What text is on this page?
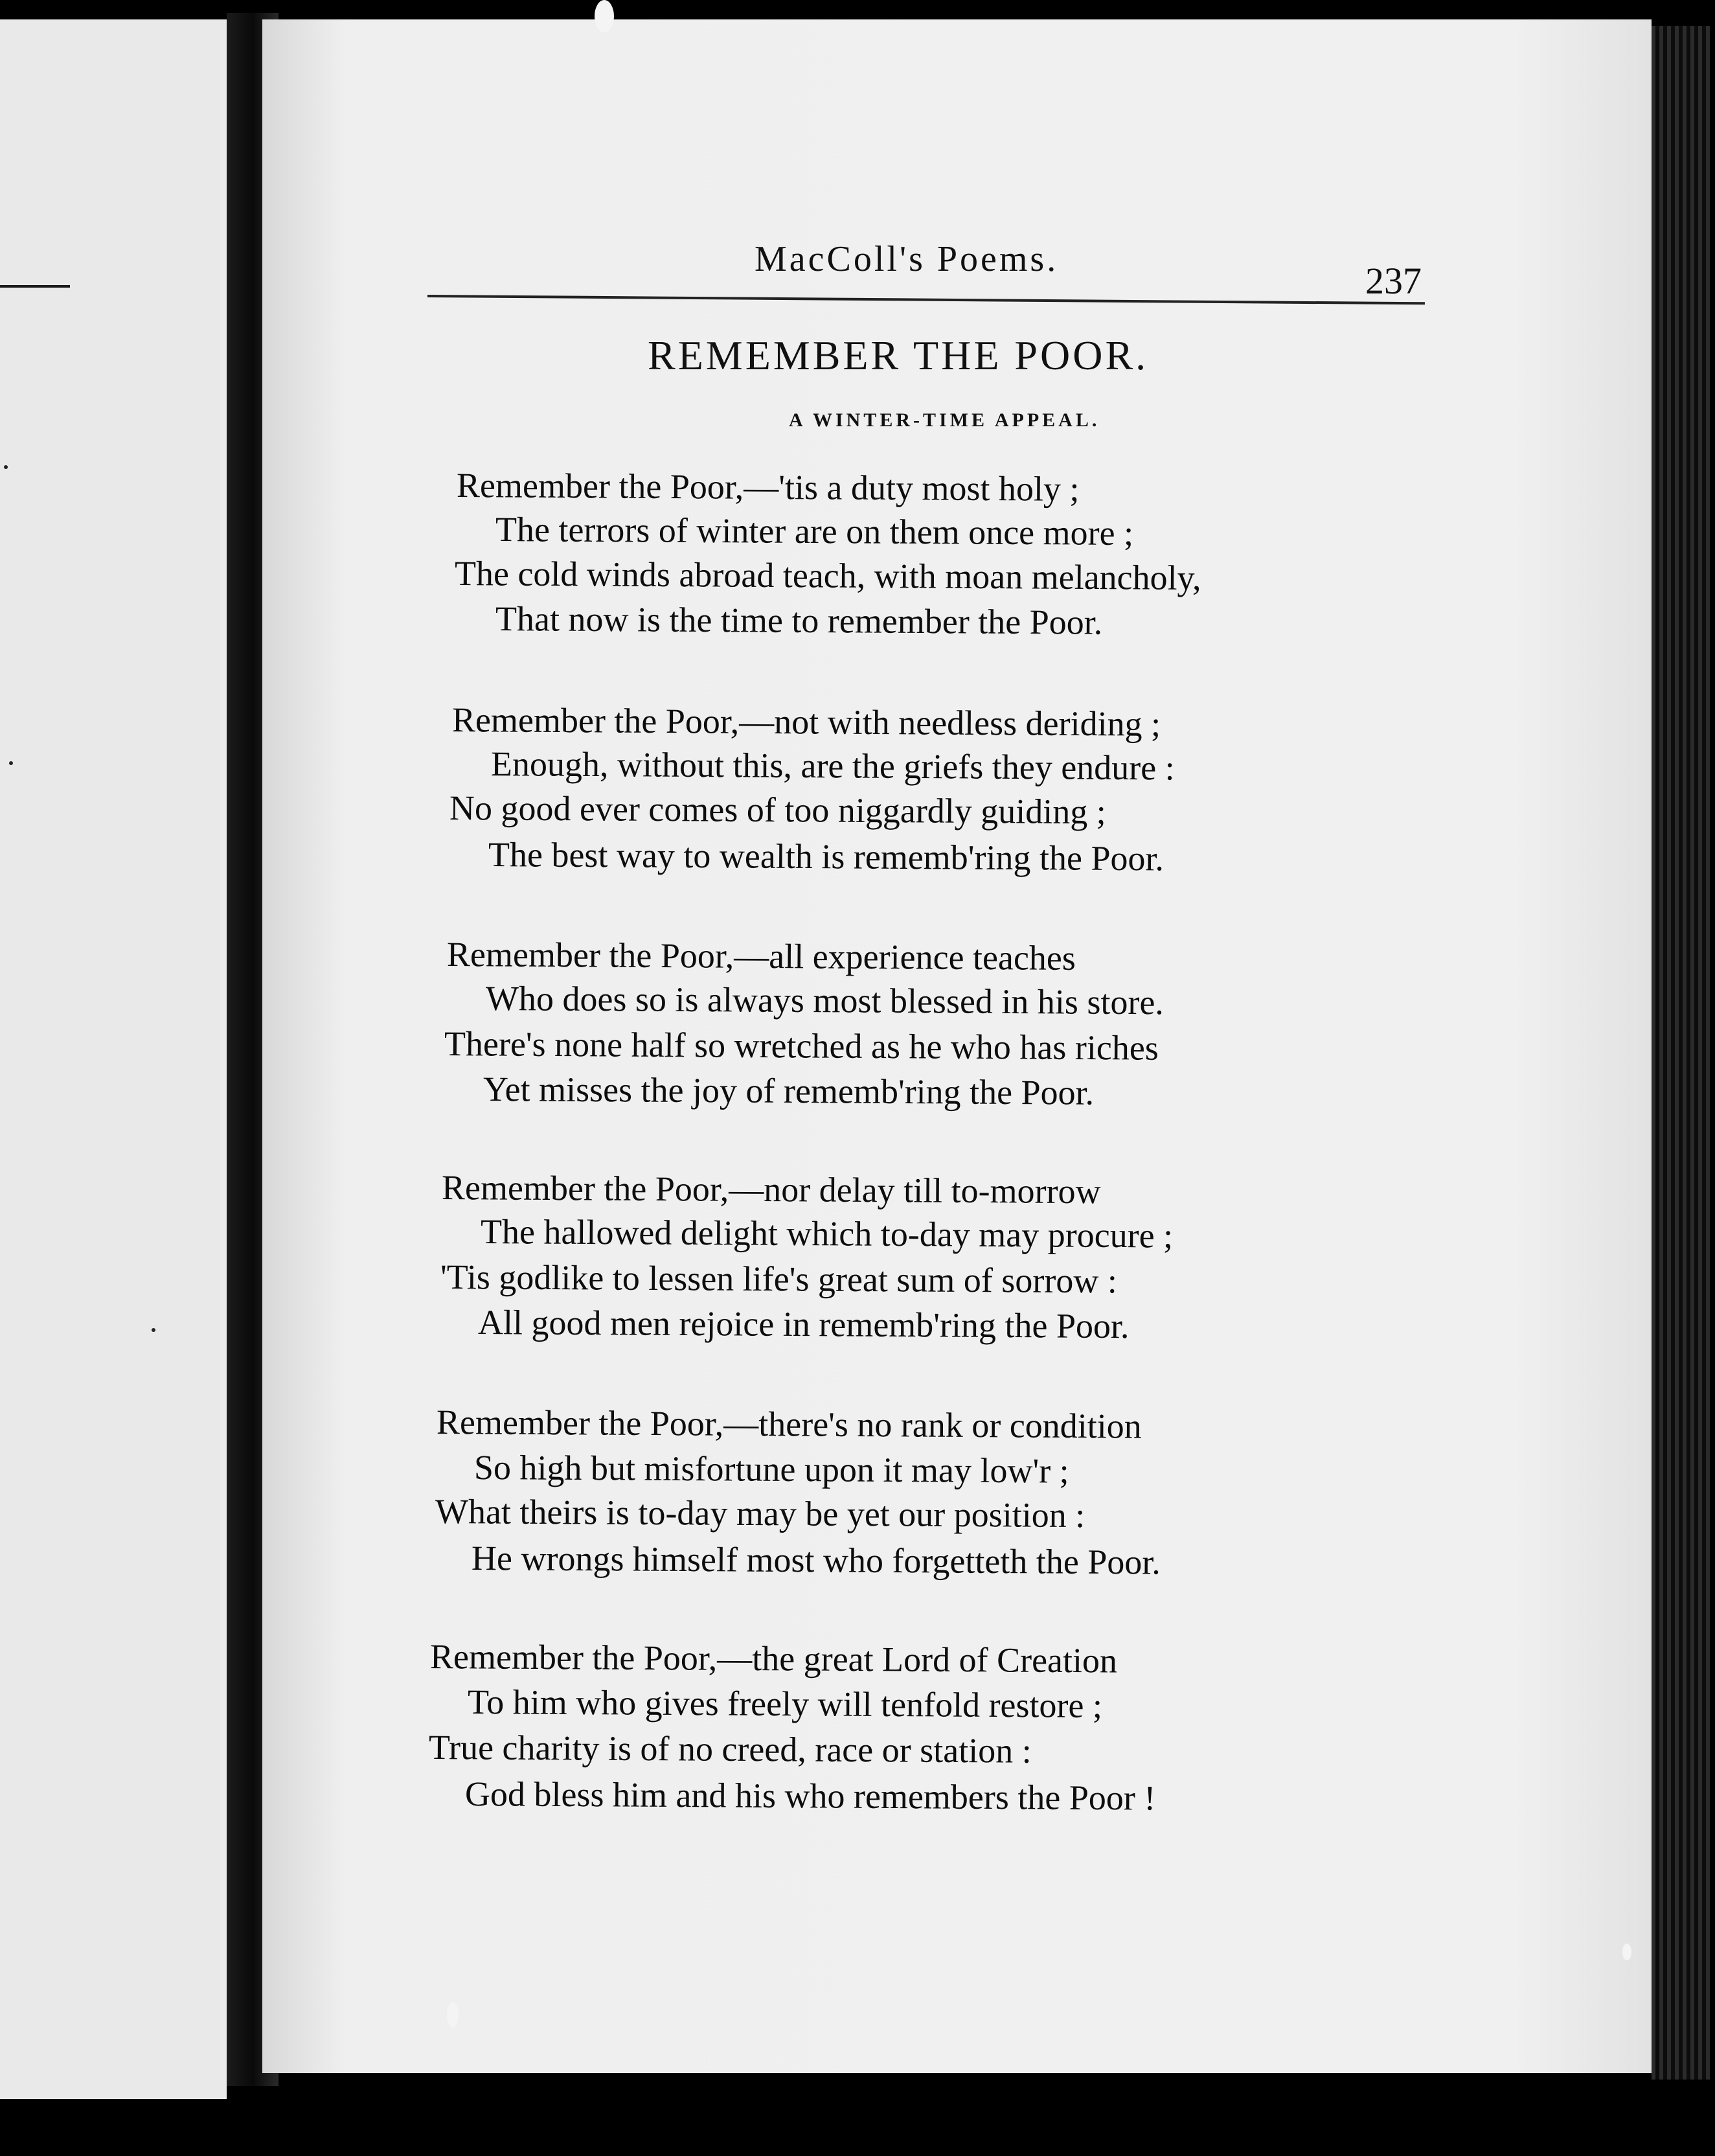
MacColl's Poems.
237
REMEMBER THE POOR.
A WINTER-TIME APPEAL.
Remember the Poor,—'tis a duty most holy ;
The terrors of winter are on them once more ;
The cold winds abroad teach, with moan melancholy,
That now is the time to remember the Poor.
Remember the Poor,—not with needless deriding ;
Enough, without this, are the griefs they endure :
No good ever comes of too niggardly guiding ;
The best way to wealth is rememb'ring the Poor.
Remember the Poor,—all experience teaches
Who does so is always most blessed in his store.
There's none half so wretched as he who has riches
Yet misses the joy of rememb'ring the Poor.
Remember the Poor,—nor delay till to-morrow
The hallowed delight which to-day may procure ;
'Tis godlike to lessen life's great sum of sorrow :
All good men rejoice in rememb'ring the Poor.
Remember the Poor,—there's no rank or condition
So high but misfortune upon it may low'r ;
What theirs is to-day may be yet our position :
He wrongs himself most who forgetteth the Poor.
Remember the Poor,—the great Lord of Creation
To him who gives freely will tenfold restore ;
True charity is of no creed, race or station :
God bless him and his who remembers the Poor !
